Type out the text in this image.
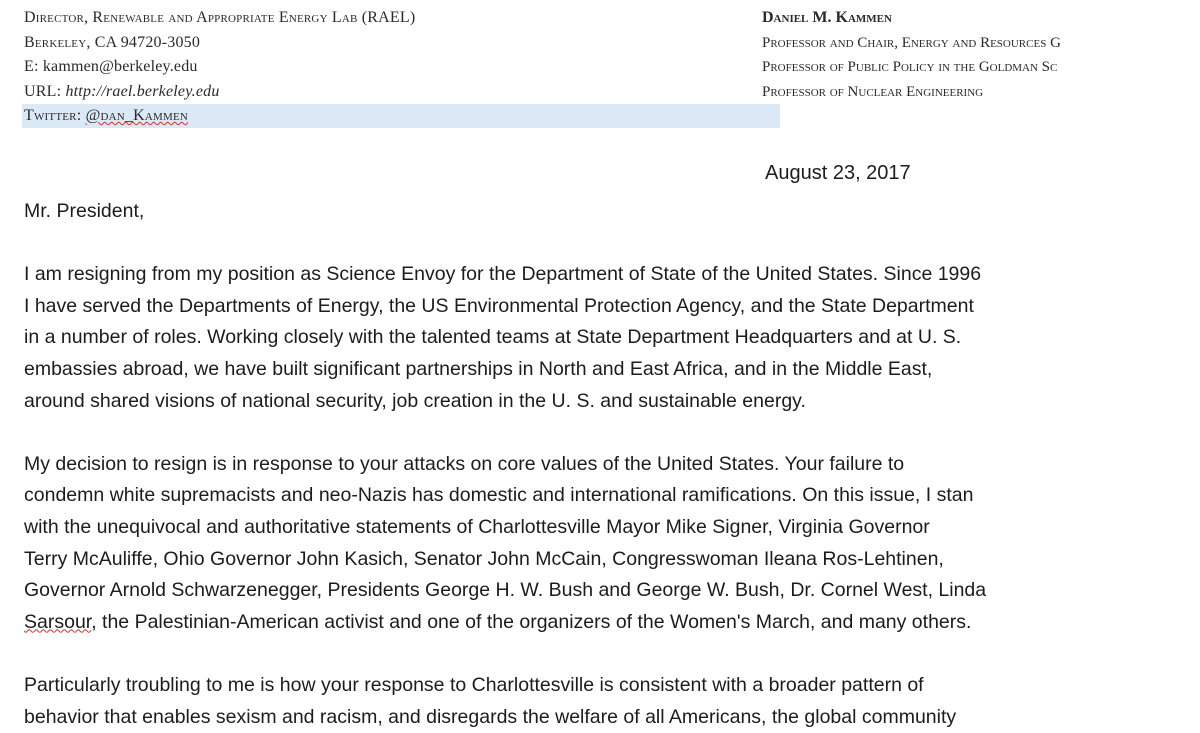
Director, Renewable and Appropriate Energy Lab (RAEL)
Berkeley, CA 94720-3050
E: kammen@berkeley.edu
URL: http://rael.berkeley.edu
Twitter: @dan_Kammen
Daniel M. Kammen
Professor and Chair, Energy and Resources G
Professor of Public Policy in the Goldman Sc
Professor of Nuclear Engineering
August 23, 2017
Mr. President,
I am resigning from my position as Science Envoy for the Department of State of the United States. Since 1996
I have served the Departments of Energy, the US Environmental Protection Agency, and the State Department
in a number of roles. Working closely with the talented teams at State Department Headquarters and at U. S.
embassies abroad, we have built significant partnerships in North and East Africa, and in the Middle East,
around shared visions of national security, job creation in the U. S. and sustainable energy.
My decision to resign is in response to your attacks on core values of the United States. Your failure to
condemn white supremacists and neo-Nazis has domestic and international ramifications. On this issue, I stan
with the unequivocal and authoritative statements of Charlottesville Mayor Mike Signer, Virginia Governor
Terry McAuliffe, Ohio Governor John Kasich, Senator John McCain, Congresswoman Ileana Ros-Lehtinen,
Governor Arnold Schwarzenegger, Presidents George H. W. Bush and George W. Bush, Dr. Cornel West, Linda
Sarsour, the Palestinian-American activist and one of the organizers of the Women's March, and many others.
Particularly troubling to me is how your response to Charlottesville is consistent with a broader pattern of
behavior that enables sexism and racism, and disregards the welfare of all Americans, the global community
